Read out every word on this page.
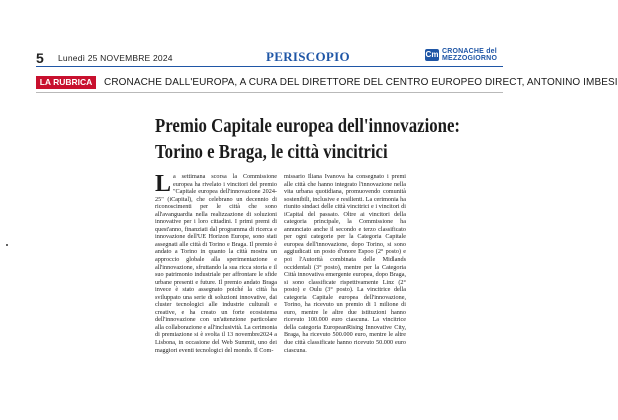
5 Lunedì 25 NOVEMBRE 2024	PERISCOPIO	Cm CRONACHE del
MEZZOGIORNO
LA RUBRICA	CRONACHE DALL'EUROPA, A CURA DEL DIRETTORE DEL CENTRO EUROPEO DIRECT, ANTONINO IMBESI
Premio Capitale europea dell'innovazione:
Torino e Braga, le città vincitrici
L a settimana scorsa la Commissione europea ha rivelato i vincitori del premio "Capitale europea dell'innovazione 2024-25" (iCapital), che celebrano un decennio di riconoscimenti per le città che sono all'avanguardia nella realizzazione di soluzioni innovative per i loro cittadini. I primi premi di quest'anno, finanziati dal programma di ricerca e innovazione dell'UE Horizon Europe, sono stati assegnati alle città di Torino e Braga. Il premio è andato a Torino in quanto la città mostra un approccio globale alla sperimentazione e all'innovazione, sfruttando la sua ricca storia e il suo patrimonio industriale per affrontare le sfide urbane presenti e future. Il premio andato Braga invece è stato assegnato poiché la città ha sviluppato una serie di soluzioni innovative, dai cluster tecnologici alle industrie culturali e creative, e ha creato un forte ecosistema dell'innovazione con un'attenzione particolare alla collaborazione e all'inclusività. La cerimonia di premiazione si è svolta il 13 novembre2024 a Lisbona, in occasione del Web Summit, uno dei maggiori eventi tecnologici del mondo. Il Com-

missario Iliana Ivanova ha consegnato i premi alle città che hanno integrato l'innovazione nella vita urbana quotidiana, promuovendo comunità sostenibili, inclusive e resilienti. La cerimonia ha riunito sindaci delle città vincitrici e i vincitori di iCapital del passato. Oltre ai vincitori della categoria principale, la Commissione ha annunciato anche il secondo e terzo classificato per ogni categorie per la Categoria Capitale europea dell'innovazione, dopo Torino, si sono aggiudicati un posto d'onore Espoo (2° posto) e poi l'Autorità combinata delle Midlands occidentali (3° posto), mentre per la Categoria Città innovativa emergente europea, dopo Braga, si sono classificate rispettivamente Linz (2° posto) e Oulu (3° posto). La vincitrice della categoria Capitale europea dell'innovazione, Torino, ha ricevuto un premio di 1 milione di euro, mentre le altre due istituzioni hanno ricevuto 100.000 euro ciascuna. La vincitrice della categoria EuropeanRising Innovative City, Braga, ha ricevuto 500.000 euro, mentre le altre due città classificate hanno ricevuto 50.000 euro ciascuna.
